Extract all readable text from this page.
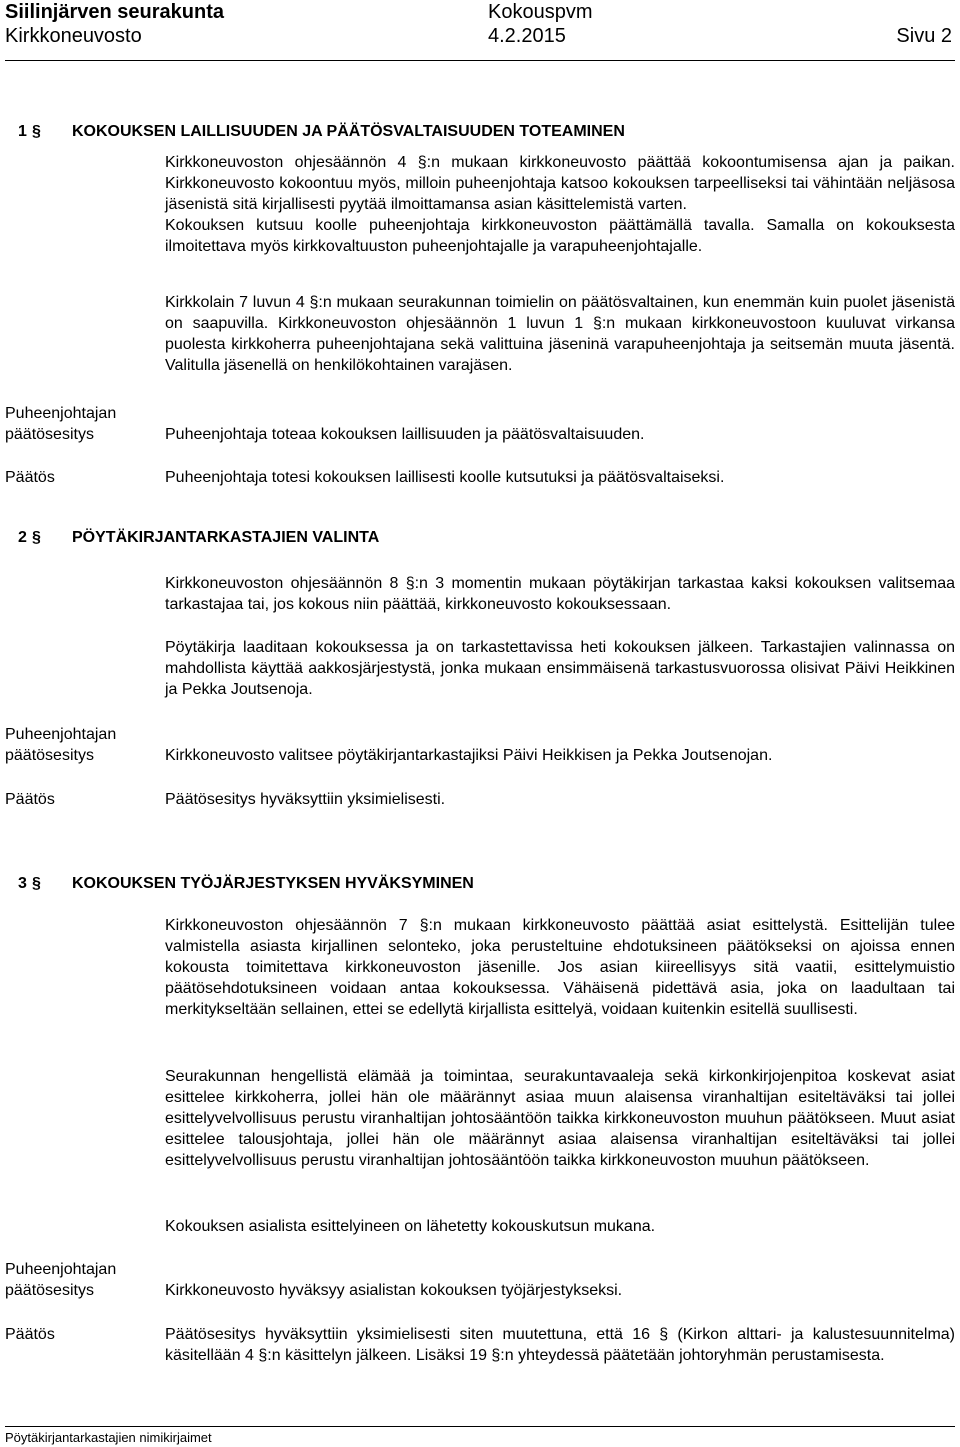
Siilinjärven seurakunta	Kokouspvm
Kirkkoneuvosto	4.2.2015	Sivu 2
1 § KOKOUKSEN LAILLISUUDEN JA PÄÄTÖSVALTAISUUDEN TOTEAMINEN
Kirkkoneuvoston ohjesäännön 4 §:n mukaan kirkkoneuvosto päättää kokoontumisensa ajan ja paikan. Kirkkoneuvosto kokoontuu myös, milloin puheenjohtaja katsoo kokouksen tarpeelliseksi tai vähintään neljäsosa jäsenistä sitä kirjallisesti pyytää ilmoittamansa asian käsittelemistä varten.
Kokouksen kutsuu koolle puheenjohtaja kirkkoneuvoston päättämällä tavalla. Samalla on kokouksesta ilmoitettava myös kirkkovaltuuston puheenjohtajalle ja varapuheenjohtajalle.
Kirkkolain 7 luvun 4 §:n mukaan seurakunnan toimielin on päätösvaltainen, kun enemmän kuin puolet jäsenistä on saapuvilla. Kirkkoneuvoston ohjesäännön 1 luvun 1 §:n mukaan kirkkoneuvostoon kuuluvat virkansa puolesta kirkkoherra puheenjohtajana sekä valittuina jäseninä varapuheenjohtaja ja seitsemän muuta jäsentä. Valitulla jäsenellä on henkilökohtainen varajäsen.
Puheenjohtajan
päätösesitys	Puheenjohtaja toteaa kokouksen laillisuuden ja päätösvaltaisuuden.
Päätös	Puheenjohtaja totesi kokouksen laillisesti koolle kutsutuksi ja päätösvaltaiseksi.
2 § PÖYTÄKIRJANTARKASTAJIEN VALINTA
Kirkkoneuvoston ohjesäännön 8 §:n 3 momentin mukaan pöytäkirjan tarkastaa kaksi kokouksen valitsemaa tarkastajaa tai, jos kokous niin päättää, kirkkoneuvosto kokouksessaan.
Pöytäkirja laaditaan kokouksessa ja on tarkastettavissa heti kokouksen jälkeen. Tarkastajien valinnassa on mahdollista käyttää aakkosjärjestystä, jonka mukaan ensimmäisenä tarkastusvuorossa olisivat Päivi Heikkinen ja Pekka Joutsenoja.
Puheenjohtajan
päätösesitys	Kirkkoneuvosto valitsee pöytäkirjantarkastajiksi Päivi Heikkisen ja Pekka Joutsenojan.
Päätös	Päätösesitys hyväksyttiin yksimielisesti.
3 § KOKOUKSEN TYÖJÄRJESTYKSEN HYVÄKSYMINEN
Kirkkoneuvoston ohjesäännön 7 §:n mukaan kirkkoneuvosto päättää asiat esittelystä. Esittelijän tulee valmistella asiasta kirjallinen selonteko, joka perusteltuine ehdotuksineen päätökseksi on ajoissa ennen kokousta toimitettava kirkkoneuvoston jäsenille. Jos asian kiireellisyys sitä vaatii, esittelymuistio päätösehdotuksineen voidaan antaa kokouksessa. Vähäisenä pidettävä asia, joka on laadultaan tai merkitykseltään sellainen, ettei se edellytä kirjallista esittelyä, voidaan kuitenkin esitellä suullisesti.
Seurakunnan hengellistä elämää ja toimintaa, seurakuntavaaleja sekä kirkonkirjojenpitoa koskevat asiat esittelee kirkkoherra, jollei hän ole määrännyt asiaa muun alaisensa viranhaltijan esiteltäväksi tai jollei esittelyvelvollisuus perustu viranhaltijan johtosääntöön taikka kirkkoneuvoston muuhun päätökseen. Muut asiat esittelee talousjohtaja, jollei hän ole määrännyt asiaa alaisensa viranhaltijan esiteltäväksi tai jollei esittelyvelvollisuus perustu viranhaltijan johtosääntöön taikka kirkkoneuvoston muuhun päätökseen.
Kokouksen asialista esittelyineen on lähetetty kokouskutsun mukana.
Puheenjohtajan
päätösesitys	Kirkkoneuvosto hyväksyy asialistan kokouksen työjärjestykseksi.
Päätös	Päätösesitys hyväksyttiin yksimielisesti siten muutettuna, että 16 § (Kirkon alttari- ja kalustesuunnitelma) käsitellään 4 §:n käsittelyn jälkeen. Lisäksi 19 §:n yhteydessä päätetään johtoryhmän perustamisesta.
Pöytäkirjantarkastajien nimikirjaimet
